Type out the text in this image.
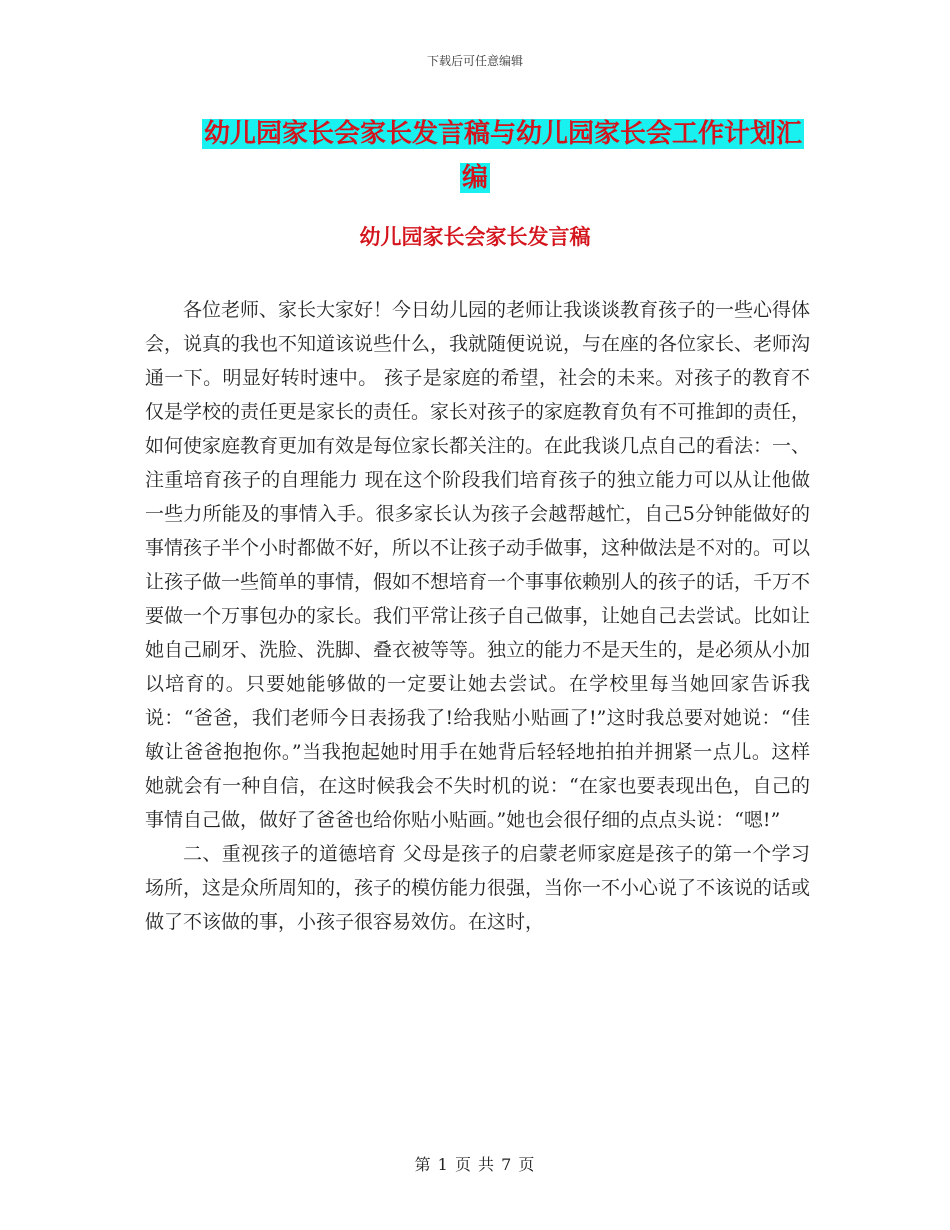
下载后可任意编辑
幼儿园家长会家长发言稿与幼儿园家长会工作计划汇
编
幼儿园家长会家长发言稿

各位老师、家长大家好！今日幼儿园的老师让我谈谈教育孩子的一些心得体会，说真的我也不知道该说些什么，我就随便说说，与在座的各位家长、老师沟通一下。明显好转时速中。 孩子是家庭的希望，社会的未来。对孩子的教育不仅是学校的责任更是家长的责任。家长对孩子的家庭教育负有不可推卸的责任，如何使家庭教育更加有效是每位家长都关注的。在此我谈几点自己的看法：一、注重培育孩子的自理能力 现在这个阶段我们培育孩子的独立能力可以从让他做一些力所能及的事情入手。很多家长认为孩子会越帮越忙，自己5分钟能做好的事情孩子半个小时都做不好，所以不让孩子动手做事，这种做法是不对的。可以让孩子做一些简单的事情，假如不想培育一个事事依赖别人的孩子的话，千万不要做一个万事包办的家长。我们平常让孩子自己做事，让她自己去尝试。比如让她自己刷牙、洗脸、洗脚、叠衣被等等。独立的能力不是天生的，是必须从小加以培育的。只要她能够做的一定要让她去尝试。在学校里每当她回家告诉我说：“爸爸，我们老师今日表扬我了!给我贴小贴画了!”这时我总要对她说：“佳敏让爸爸抱抱你。”当我抱起她时用手在她背后轻轻地拍拍并拥紧一点儿。这样她就会有一种自信，在这时候我会不失时机的说：“在家也要表现出色，自己的事情自己做，做好了爸爸也给你贴小贴画。”她也会很仔细的点点头说：“嗯!”

二、重视孩子的道德培育 父母是孩子的启蒙老师家庭是孩子的第一个学习场所，这是众所周知的，孩子的模仿能力很强，当你一不小心说了不该说的话或做了不该做的事，小孩子很容易效仿。在这时，

第 1 页 共 7 页
